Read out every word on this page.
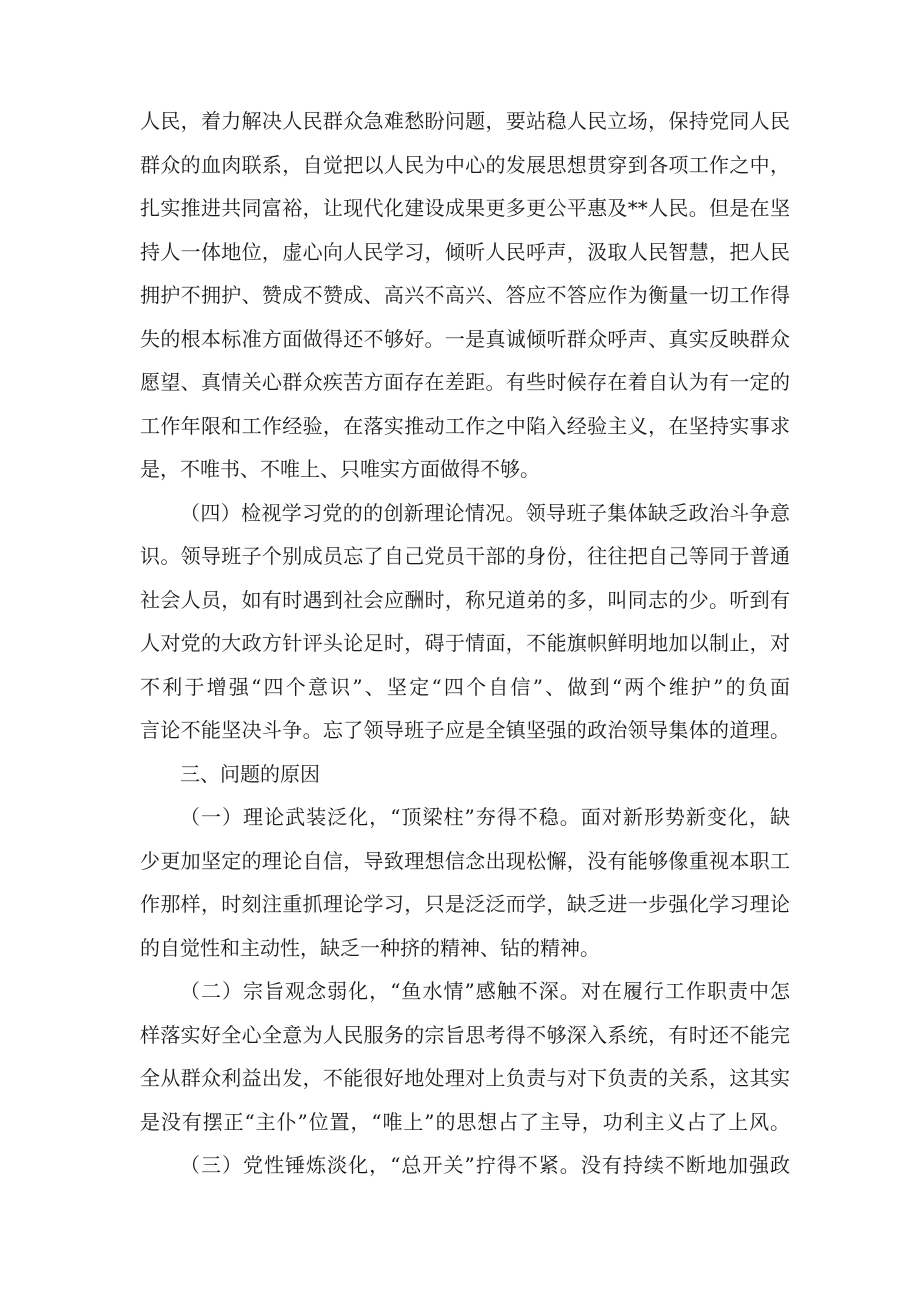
人民，着力解决人民群众急难愁盼问题，要站稳人民立场，保持党同人民
群众的血肉联系，自觉把以人民为中心的发展思想贯穿到各项工作之中，
扎实推进共同富裕，让现代化建设成果更多更公平惠及**人民。但是在坚
持人一体地位，虚心向人民学习，倾听人民呼声，汲取人民智慧，把人民
拥护不拥护、赞成不赞成、高兴不高兴、答应不答应作为衡量一切工作得
失的根本标准方面做得还不够好。一是真诚倾听群众呼声、真实反映群众
愿望、真情关心群众疾苦方面存在差距。有些时候存在着自认为有一定的
工作年限和工作经验，在落实推动工作之中陷入经验主义，在坚持实事求
是，不唯书、不唯上、只唯实方面做得不够。
（四）检视学习党的的创新理论情况。领导班子集体缺乏政治斗争意
识。领导班子个别成员忘了自己党员干部的身份，往往把自己等同于普通
社会人员，如有时遇到社会应酬时，称兄道弟的多，叫同志的少。听到有
人对党的大政方针评头论足时，碍于情面，不能旗帜鲜明地加以制止，对
不利于增强“四个意识”、坚定“四个自信”、做到“两个维护”的负面
言论不能坚决斗争。忘了领导班子应是全镇坚强的政治领导集体的道理。
三、问题的原因
（一）理论武装泛化，“顶梁柱”夯得不稳。面对新形势新变化，缺
少更加坚定的理论自信，导致理想信念出现松懈，没有能够像重视本职工
作那样，时刻注重抓理论学习，只是泛泛而学，缺乏进一步强化学习理论
的自觉性和主动性，缺乏一种挤的精神、钻的精神。
（二）宗旨观念弱化，“鱼水情”感触不深。对在履行工作职责中怎
样落实好全心全意为人民服务的宗旨思考得不够深入系统，有时还不能完
全从群众利益出发，不能很好地处理对上负责与对下负责的关系，这其实
是没有摆正“主仆”位置，“唯上”的思想占了主导，功利主义占了上风。
（三）党性锤炼淡化，“总开关”拧得不紧。没有持续不断地加强政
